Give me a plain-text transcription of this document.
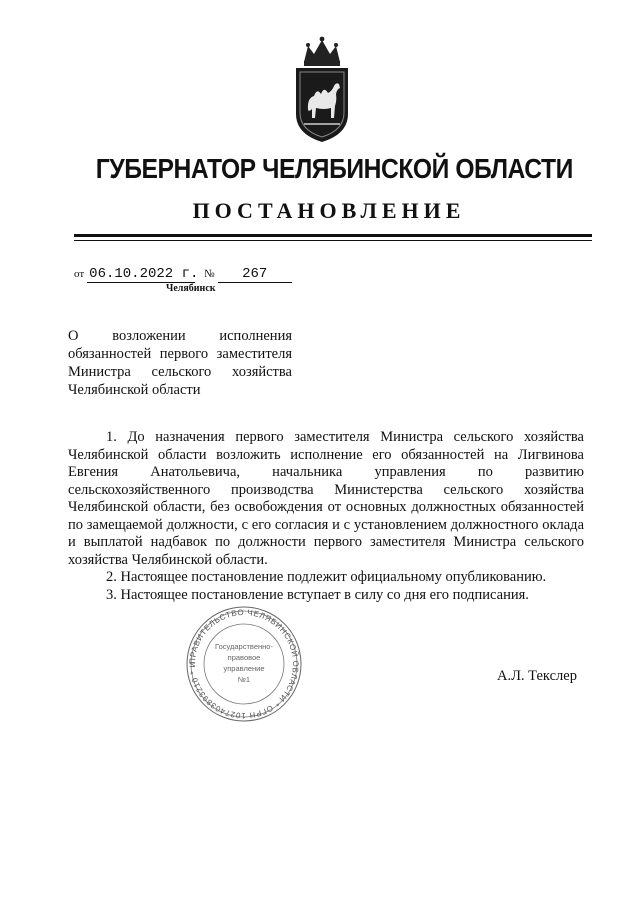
ГУБЕРНАТОР ЧЕЛЯБИНСКОЙ ОБЛАСТИ
ПОСТАНОВЛЕНИЕ
от 06.10.2022 г. № 267
Челябинск
О возложении исполнения
обязанностей первого заместителя
Министра сельского хозяйства
Челябинской области

1. До назначения первого заместителя Министра сельского хозяйства Челябинской области возложить исполнение его обязанностей на Лигвинова Евгения Анатольевича, начальника управления по развитию сельскохозяйственного производства Министерства сельского хозяйства Челябинской области, без освобождения от основных должностных обязанностей по замещаемой должности, с его согласия и с установлением должностного оклада и выплатой надбавок по должности первого заместителя Министра сельского хозяйства Челябинской области.

2. Настоящее постановление подлежит официальному опубликованию.

3. Настоящее постановление вступает в силу со дня его подписания.

ПРАВИТЕЛЬСТВО ЧЕЛЯБИНСКОЙ ОБЛАСТИ * ОГРН 1027403893210 * И
Государственно-
правовое
управление
№1	А.Л. Текслер
